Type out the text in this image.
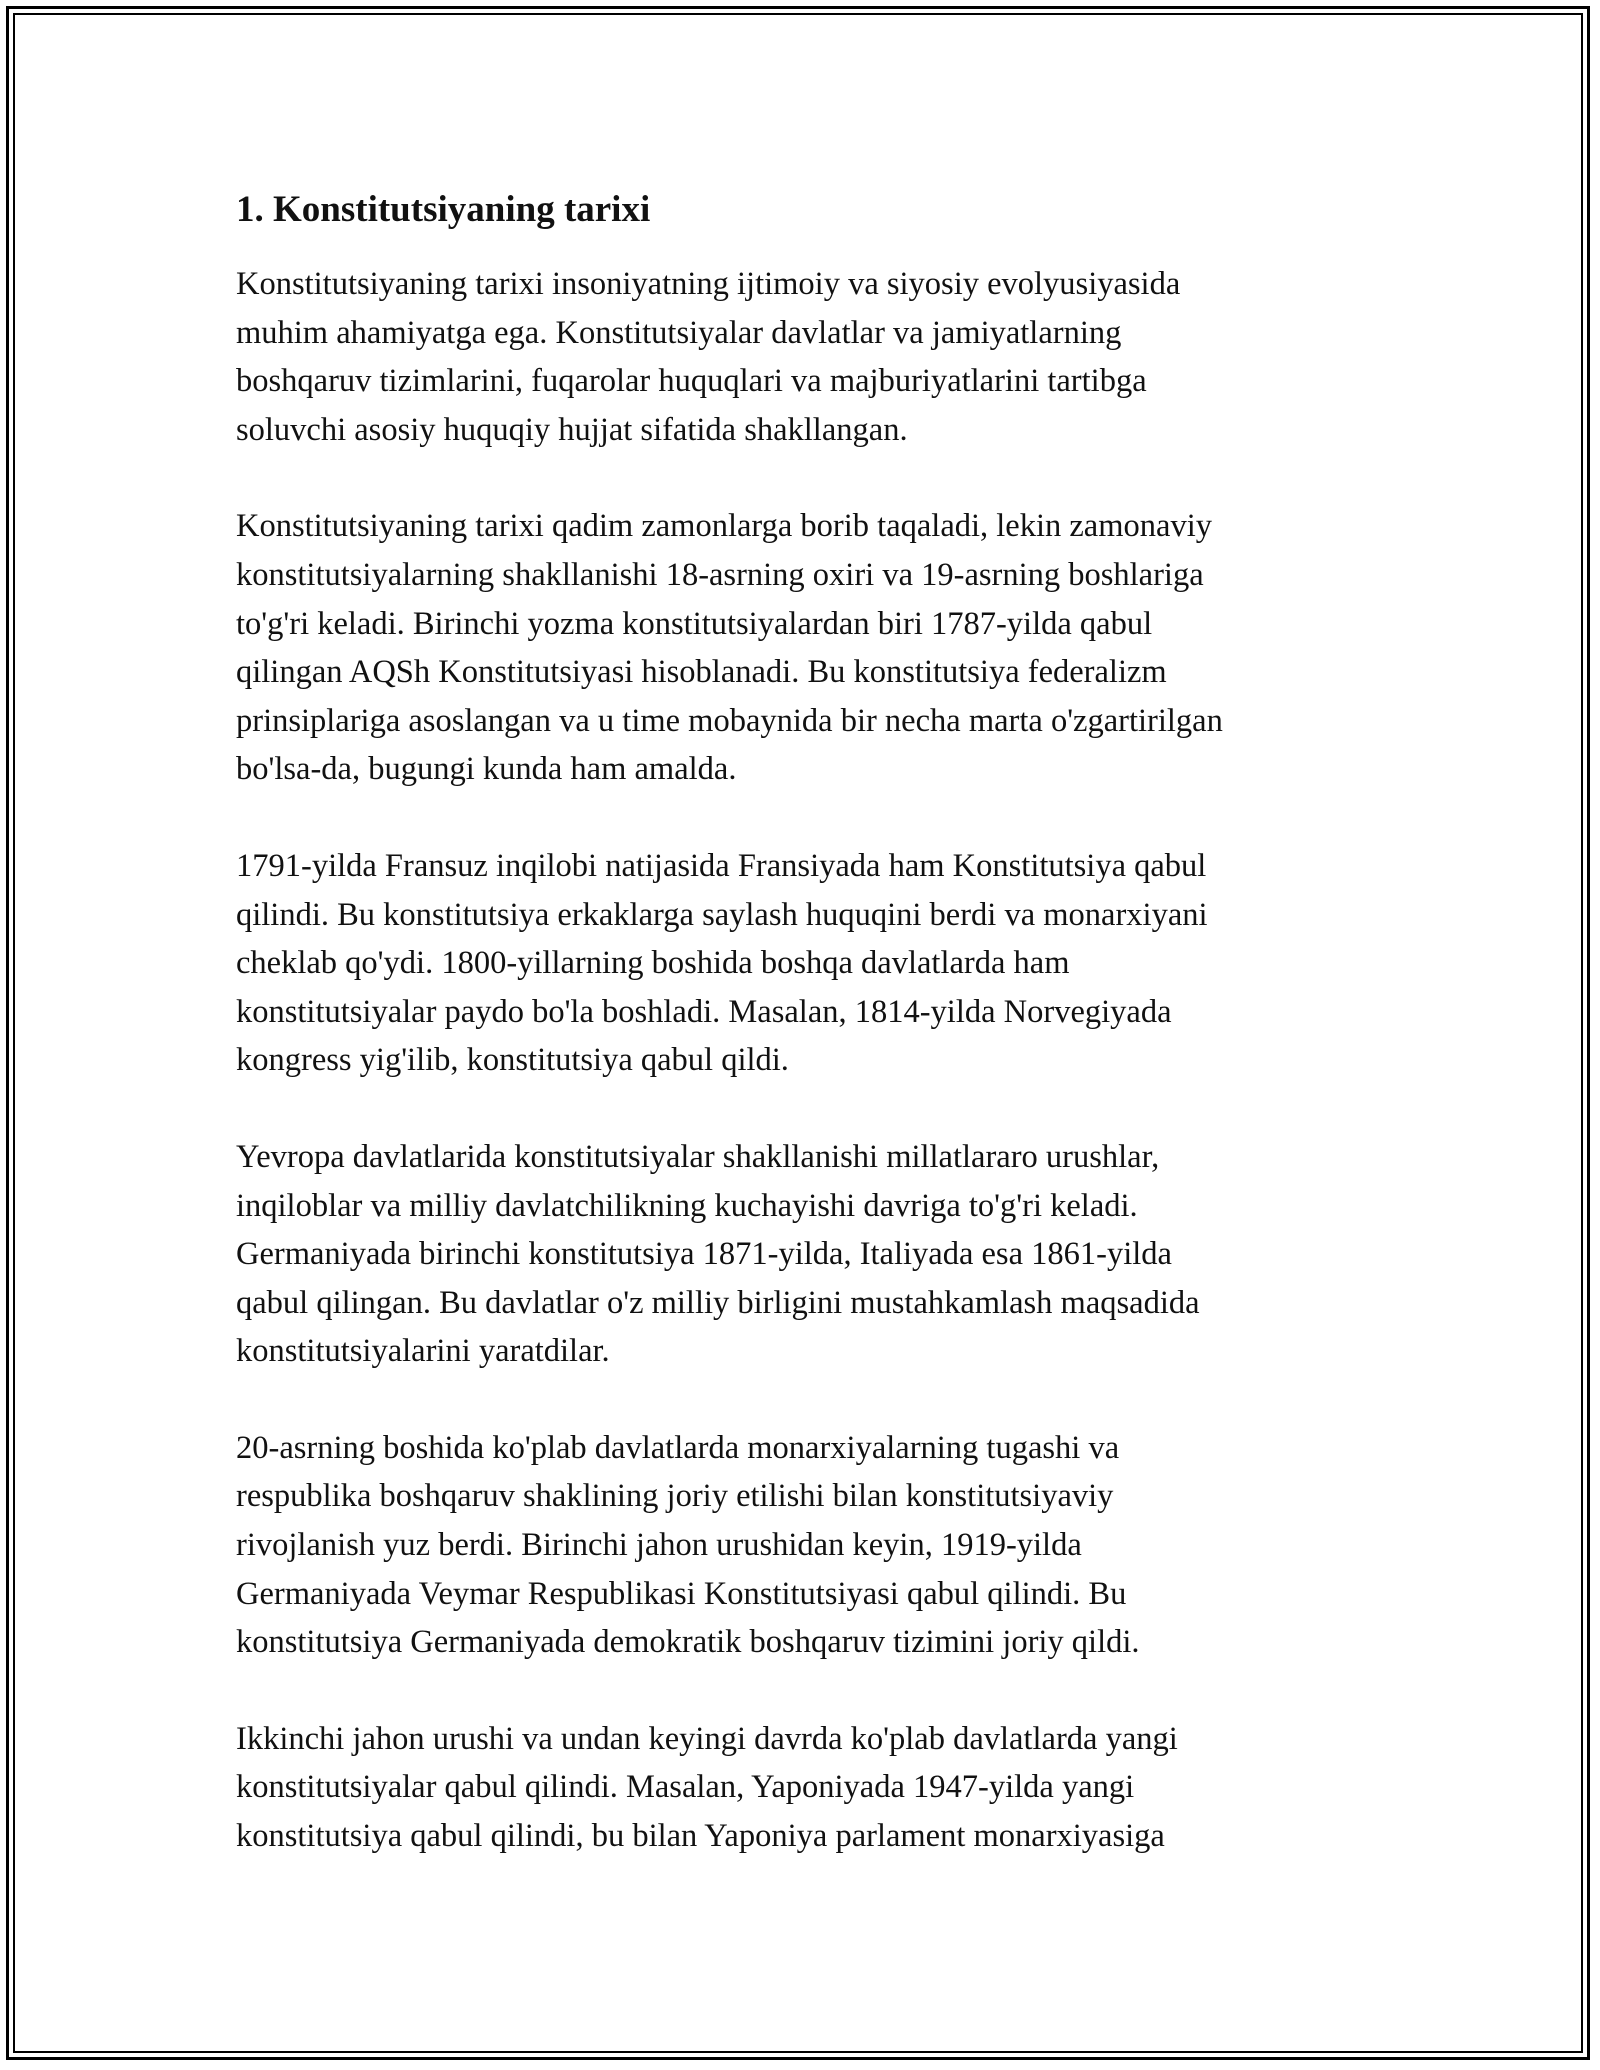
1. Konstitutsiyaning tarixi

Konstitutsiyaning tarixi insoniyatning ijtimoiy va siyosiy evolyusiyasida
muhim ahamiyatga ega. Konstitutsiyalar davlatlar va jamiyatlarning
boshqaruv tizimlarini, fuqarolar huquqlari va majburiyatlarini tartibga
soluvchi asosiy huquqiy hujjat sifatida shakllangan.

Konstitutsiyaning tarixi qadim zamonlarga borib taqaladi, lekin zamonaviy
konstitutsiyalarning shakllanishi 18-asrning oxiri va 19-asrning boshlariga
to'g'ri keladi. Birinchi yozma konstitutsiyalardan biri 1787-yilda qabul
qilingan AQSh Konstitutsiyasi hisoblanadi. Bu konstitutsiya federalizm
prinsiplariga asoslangan va u time mobaynida bir necha marta o'zgartirilgan
bo'lsa-da, bugungi kunda ham amalda.

1791-yilda Fransuz inqilobi natijasida Fransiyada ham Konstitutsiya qabul
qilindi. Bu konstitutsiya erkaklarga saylash huquqini berdi va monarxiyani
cheklab qo'ydi. 1800-yillarning boshida boshqa davlatlarda ham
konstitutsiyalar paydo bo'la boshladi. Masalan, 1814-yilda Norvegiyada
kongress yig'ilib, konstitutsiya qabul qildi.

Yevropa davlatlarida konstitutsiyalar shakllanishi millatlararo urushlar,
inqiloblar va milliy davlatchilikning kuchayishi davriga to'g'ri keladi.
Germaniyada birinchi konstitutsiya 1871-yilda, Italiyada esa 1861-yilda
qabul qilingan. Bu davlatlar o'z milliy birligini mustahkamlash maqsadida
konstitutsiyalarini yaratdilar.

20-asrning boshida ko'plab davlatlarda monarxiyalarning tugashi va
respublika boshqaruv shaklining joriy etilishi bilan konstitutsiyaviy
rivojlanish yuz berdi. Birinchi jahon urushidan keyin, 1919-yilda
Germaniyada Veymar Respublikasi Konstitutsiyasi qabul qilindi. Bu
konstitutsiya Germaniyada demokratik boshqaruv tizimini joriy qildi.

Ikkinchi jahon urushi va undan keyingi davrda ko'plab davlatlarda yangi
konstitutsiyalar qabul qilindi. Masalan, Yaponiyada 1947-yilda yangi
konstitutsiya qabul qilindi, bu bilan Yaponiya parlament monarxiyasiga
